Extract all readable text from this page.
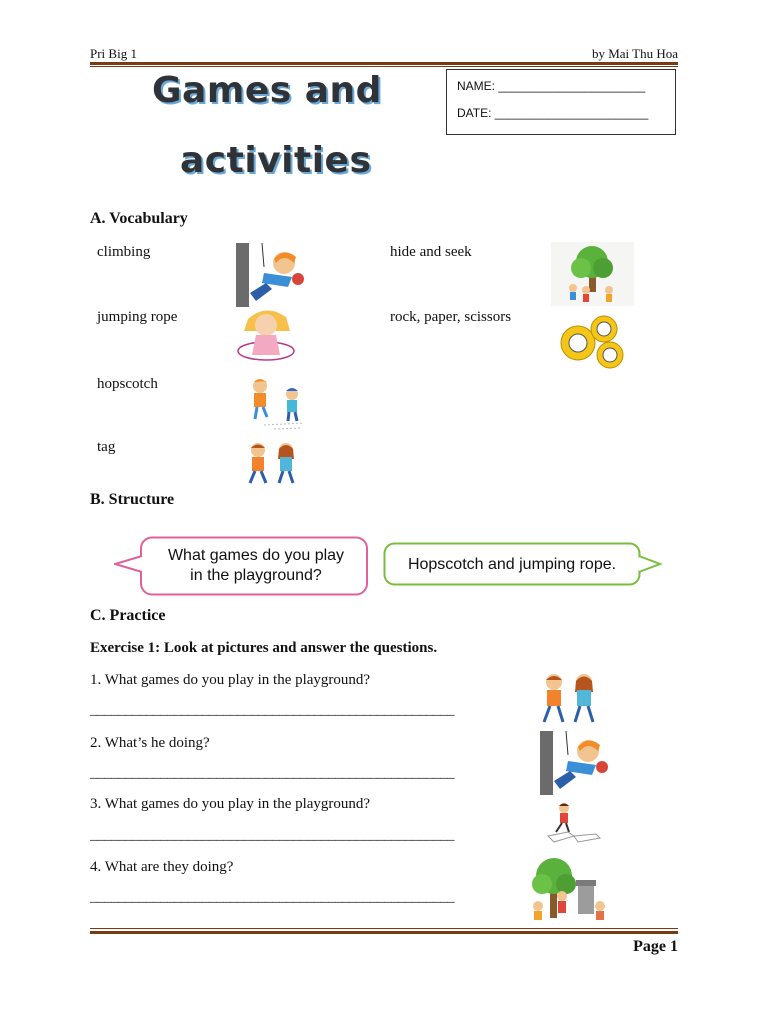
Pri Big 1	by Mai Thu Hoa
Games and
activities
NAME: ______________________
DATE: _______________________
A. Vocabulary
climbing
jumping rope
hopscotch
tag
hide and seek
rock, paper, scissors
B. Structure
What games do you play
in the playground?
Hopscotch and jumping rope.
C. Practice
Exercise 1: Look at pictures and answer the questions.
1. What games do you play in the playground?
____________________________________________________
2. What’s he doing?
____________________________________________________
3. What games do you play in the playground?
____________________________________________________
4. What are they doing?
____________________________________________________
Page 1
